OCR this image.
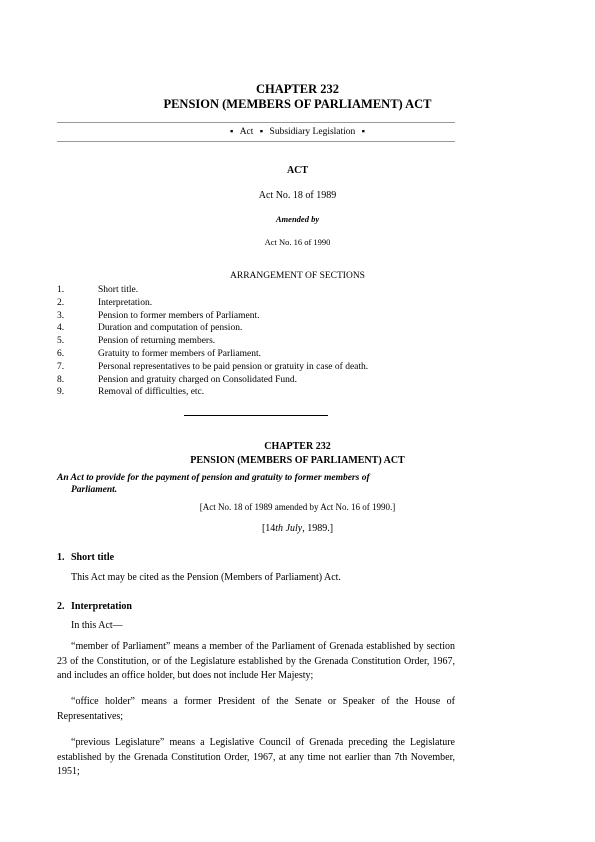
CHAPTER 232
PENSION (MEMBERS OF PARLIAMENT) ACT
▪ Act ▪ Subsidiary Legislation ▪
ACT
Act No. 18 of 1989
Amended by
Act No. 16 of 1990
ARRANGEMENT OF SECTIONS
1.	Short title.
2.	Interpretation.
3.	Pension to former members of Parliament.
4.	Duration and computation of pension.
5.	Pension of returning members.
6.	Gratuity to former members of Parliament.
7.	Personal representatives to be paid pension or gratuity in case of death.
8.	Pension and gratuity charged on Consolidated Fund.
9.	Removal of difficulties, etc.
CHAPTER 232
PENSION (MEMBERS OF PARLIAMENT) ACT
An Act to provide for the payment of pension and gratuity to former members of
Parliament.
[Act No. 18 of 1989 amended by Act No. 16 of 1990.]
[14th July, 1989.]
1. Short title
This Act may be cited as the Pension (Members of Parliament) Act.
2. Interpretation
In this Act—
“member of Parliament” means a member of the Parliament of Grenada established by section 23 of the Constitution, or of the Legislature established by the Grenada Constitution Order, 1967, and includes an office holder, but does not include Her Majesty;
“office holder” means a former President of the Senate or Speaker of the House of Representatives;
“previous Legislature” means a Legislative Council of Grenada preceding the Legislature established by the Grenada Constitution Order, 1967, at any time not earlier than 7th November, 1951;
